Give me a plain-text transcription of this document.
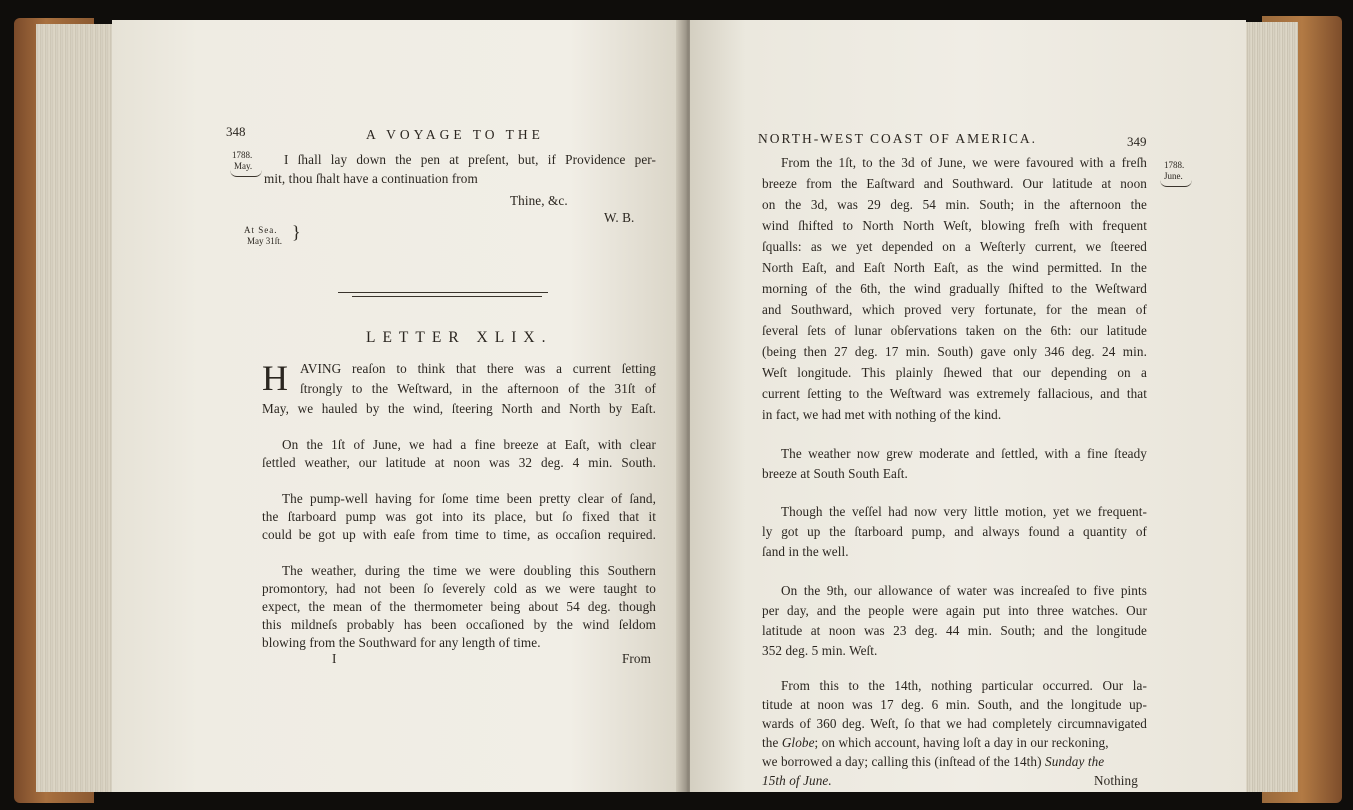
348	A VOYAGE TO THE
1788.
May. I ſhall lay down the pen at preſent, but, if Providence per-
mit, thou ſhalt have a continuation from
Thine, &c.
W. B.
At Sea.
May 31ſt. }
LETTER XLIX.
H AVING reaſon to think that there was a current ſetting
ſtrongly to the Weſtward, in the afternoon of the 31ſt of
May, we hauled by the wind, ſteering North and North by Eaſt.
On the 1ſt of June, we had a fine breeze at Eaſt, with clear
ſettled weather, our latitude at noon was 32 deg. 4 min. South.
The pump-well having for ſome time been pretty clear of ſand,
the ſtarboard pump was got into its place, but ſo fixed that it
could be got up with eaſe from time to time, as occaſion required.
The weather, during the time we were doubling this Southern
promontory, had not been ſo ſeverely cold as we were taught to
expect, the mean of the thermometer being about 54 deg. though
this mildneſs probably has been occaſioned by the wind ſeldom
blowing from the Southward for any length of time.
I	From
NORTH-WEST COAST OF AMERICA.	349
1788.
June.
From the 1ſt, to the 3d of June, we were favoured with a freſh
breeze from the Eaſtward and Southward. Our latitude at noon
on the 3d, was 29 deg. 54 min. South; in the afternoon the
wind ſhifted to North North Weſt, blowing freſh with frequent
ſqualls: as we yet depended on a Weſterly current, we ſteered
North Eaſt, and Eaſt North Eaſt, as the wind permitted. In the
morning of the 6th, the wind gradually ſhifted to the Weſtward
and Southward, which proved very fortunate, for the mean of
ſeveral ſets of lunar obſervations taken on the 6th: our latitude
(being then 27 deg. 17 min. South) gave only 346 deg. 24 min.
Weſt longitude. This plainly ſhewed that our depending on a
current ſetting to the Weſtward was extremely fallacious, and that
in fact, we had met with nothing of the kind.
The weather now grew moderate and ſettled, with a fine ſteady
breeze at South South Eaſt.
Though the veſſel had now very little motion, yet we frequent-
ly got up the ſtarboard pump, and always found a quantity of
ſand in the well.
On the 9th, our allowance of water was increaſed to five pints
per day, and the people were again put into three watches. Our
latitude at noon was 23 deg. 44 min. South; and the longitude
352 deg. 5 min. Weſt.
From this to the 14th, nothing particular occurred. Our la-
titude at noon was 17 deg. 6 min. South, and the longitude up-
wards of 360 deg. Weſt, ſo that we had completely circumnavigated
the Globe; on which account, having loſt a day in our reckoning,
we borrowed a day; calling this (inſtead of the 14th) Sunday the
15th of June.	Nothing
